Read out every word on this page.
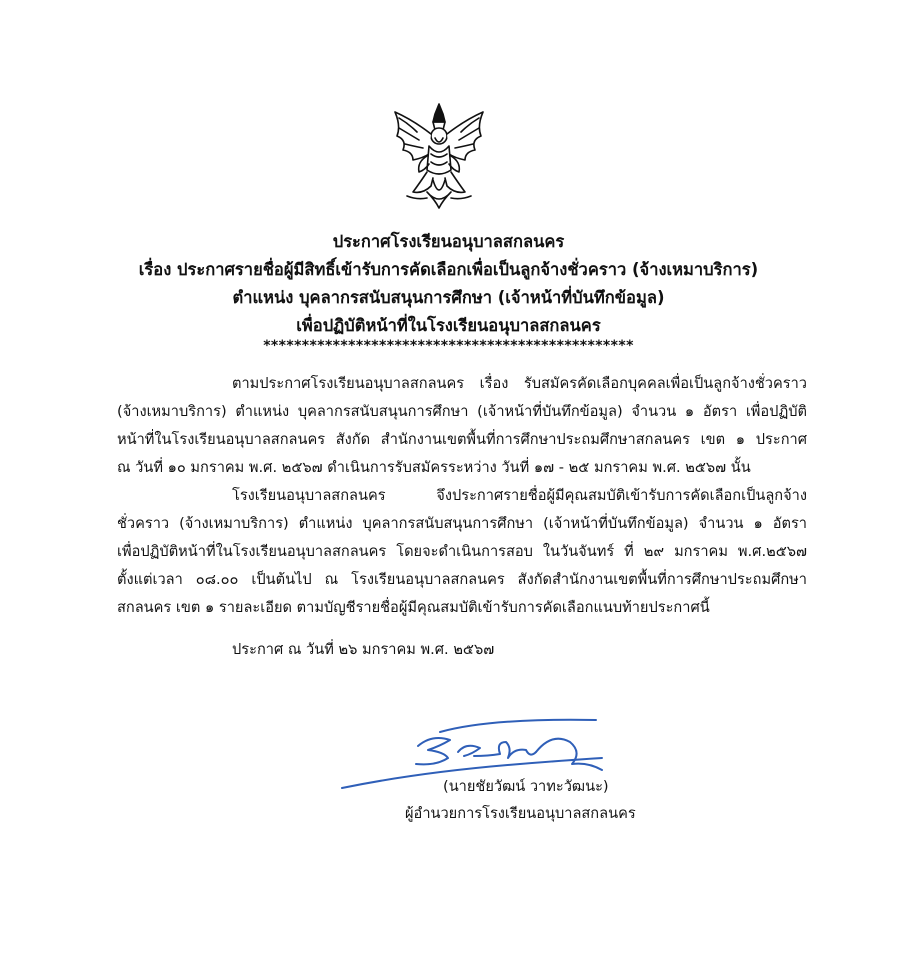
ประกาศโรงเรียนอนุบาลสกลนคร
เรื่อง ประกาศรายชื่อผู้มีสิทธิ์เข้ารับการคัดเลือกเพื่อเป็นลูกจ้างชั่วคราว (จ้างเหมาบริการ)
ตำแหน่ง บุคลากรสนับสนุนการศึกษา (เจ้าหน้าที่บันทึกข้อมูล)
เพื่อปฏิบัติหน้าที่ในโรงเรียนอนุบาลสกลนคร
************************************************
ตามประกาศโรงเรียนอนุบาลสกลนคร เรื่อง รับสมัครคัดเลือกบุคคลเพื่อเป็นลูกจ้างชั่วคราว
(จ้างเหมาบริการ) ตำแหน่ง บุคลากรสนับสนุนการศึกษา (เจ้าหน้าที่บันทึกข้อมูล) จำนวน ๑ อัตรา เพื่อปฏิบัติ
หน้าที่ในโรงเรียนอนุบาลสกลนคร สังกัด สำนักงานเขตพื้นที่การศึกษาประถมศึกษาสกลนคร เขต ๑ ประกาศ
ณ วันที่ ๑๐ มกราคม พ.ศ. ๒๕๖๗ ดำเนินการรับสมัครระหว่าง วันที่ ๑๗ - ๒๕ มกราคม พ.ศ. ๒๕๖๗ นั้น
โรงเรียนอนุบาลสกลนคร จึงประกาศรายชื่อผู้มีคุณสมบัติเข้ารับการคัดเลือกเป็นลูกจ้าง
ชั่วคราว (จ้างเหมาบริการ) ตำแหน่ง บุคลากรสนับสนุนการศึกษา (เจ้าหน้าที่บันทึกข้อมูล) จำนวน ๑ อัตรา
เพื่อปฏิบัติหน้าที่ในโรงเรียนอนุบาลสกลนคร โดยจะดำเนินการสอบ ในวันจันทร์ ที่ ๒๙ มกราคม พ.ศ.๒๕๖๗
ตั้งแต่เวลา ๐๘.๐๐ เป็นต้นไป ณ โรงเรียนอนุบาลสกลนคร สังกัดสำนักงานเขตพื้นที่การศึกษาประถมศึกษา
สกลนคร เขต ๑ รายละเอียด ตามบัญชีรายชื่อผู้มีคุณสมบัติเข้ารับการคัดเลือกแนบท้ายประกาศนี้
ประกาศ ณ วันที่ ๒๖ มกราคม พ.ศ. ๒๕๖๗
(นายชัยวัฒน์ วาทะวัฒนะ)
ผู้อำนวยการโรงเรียนอนุบาลสกลนคร
